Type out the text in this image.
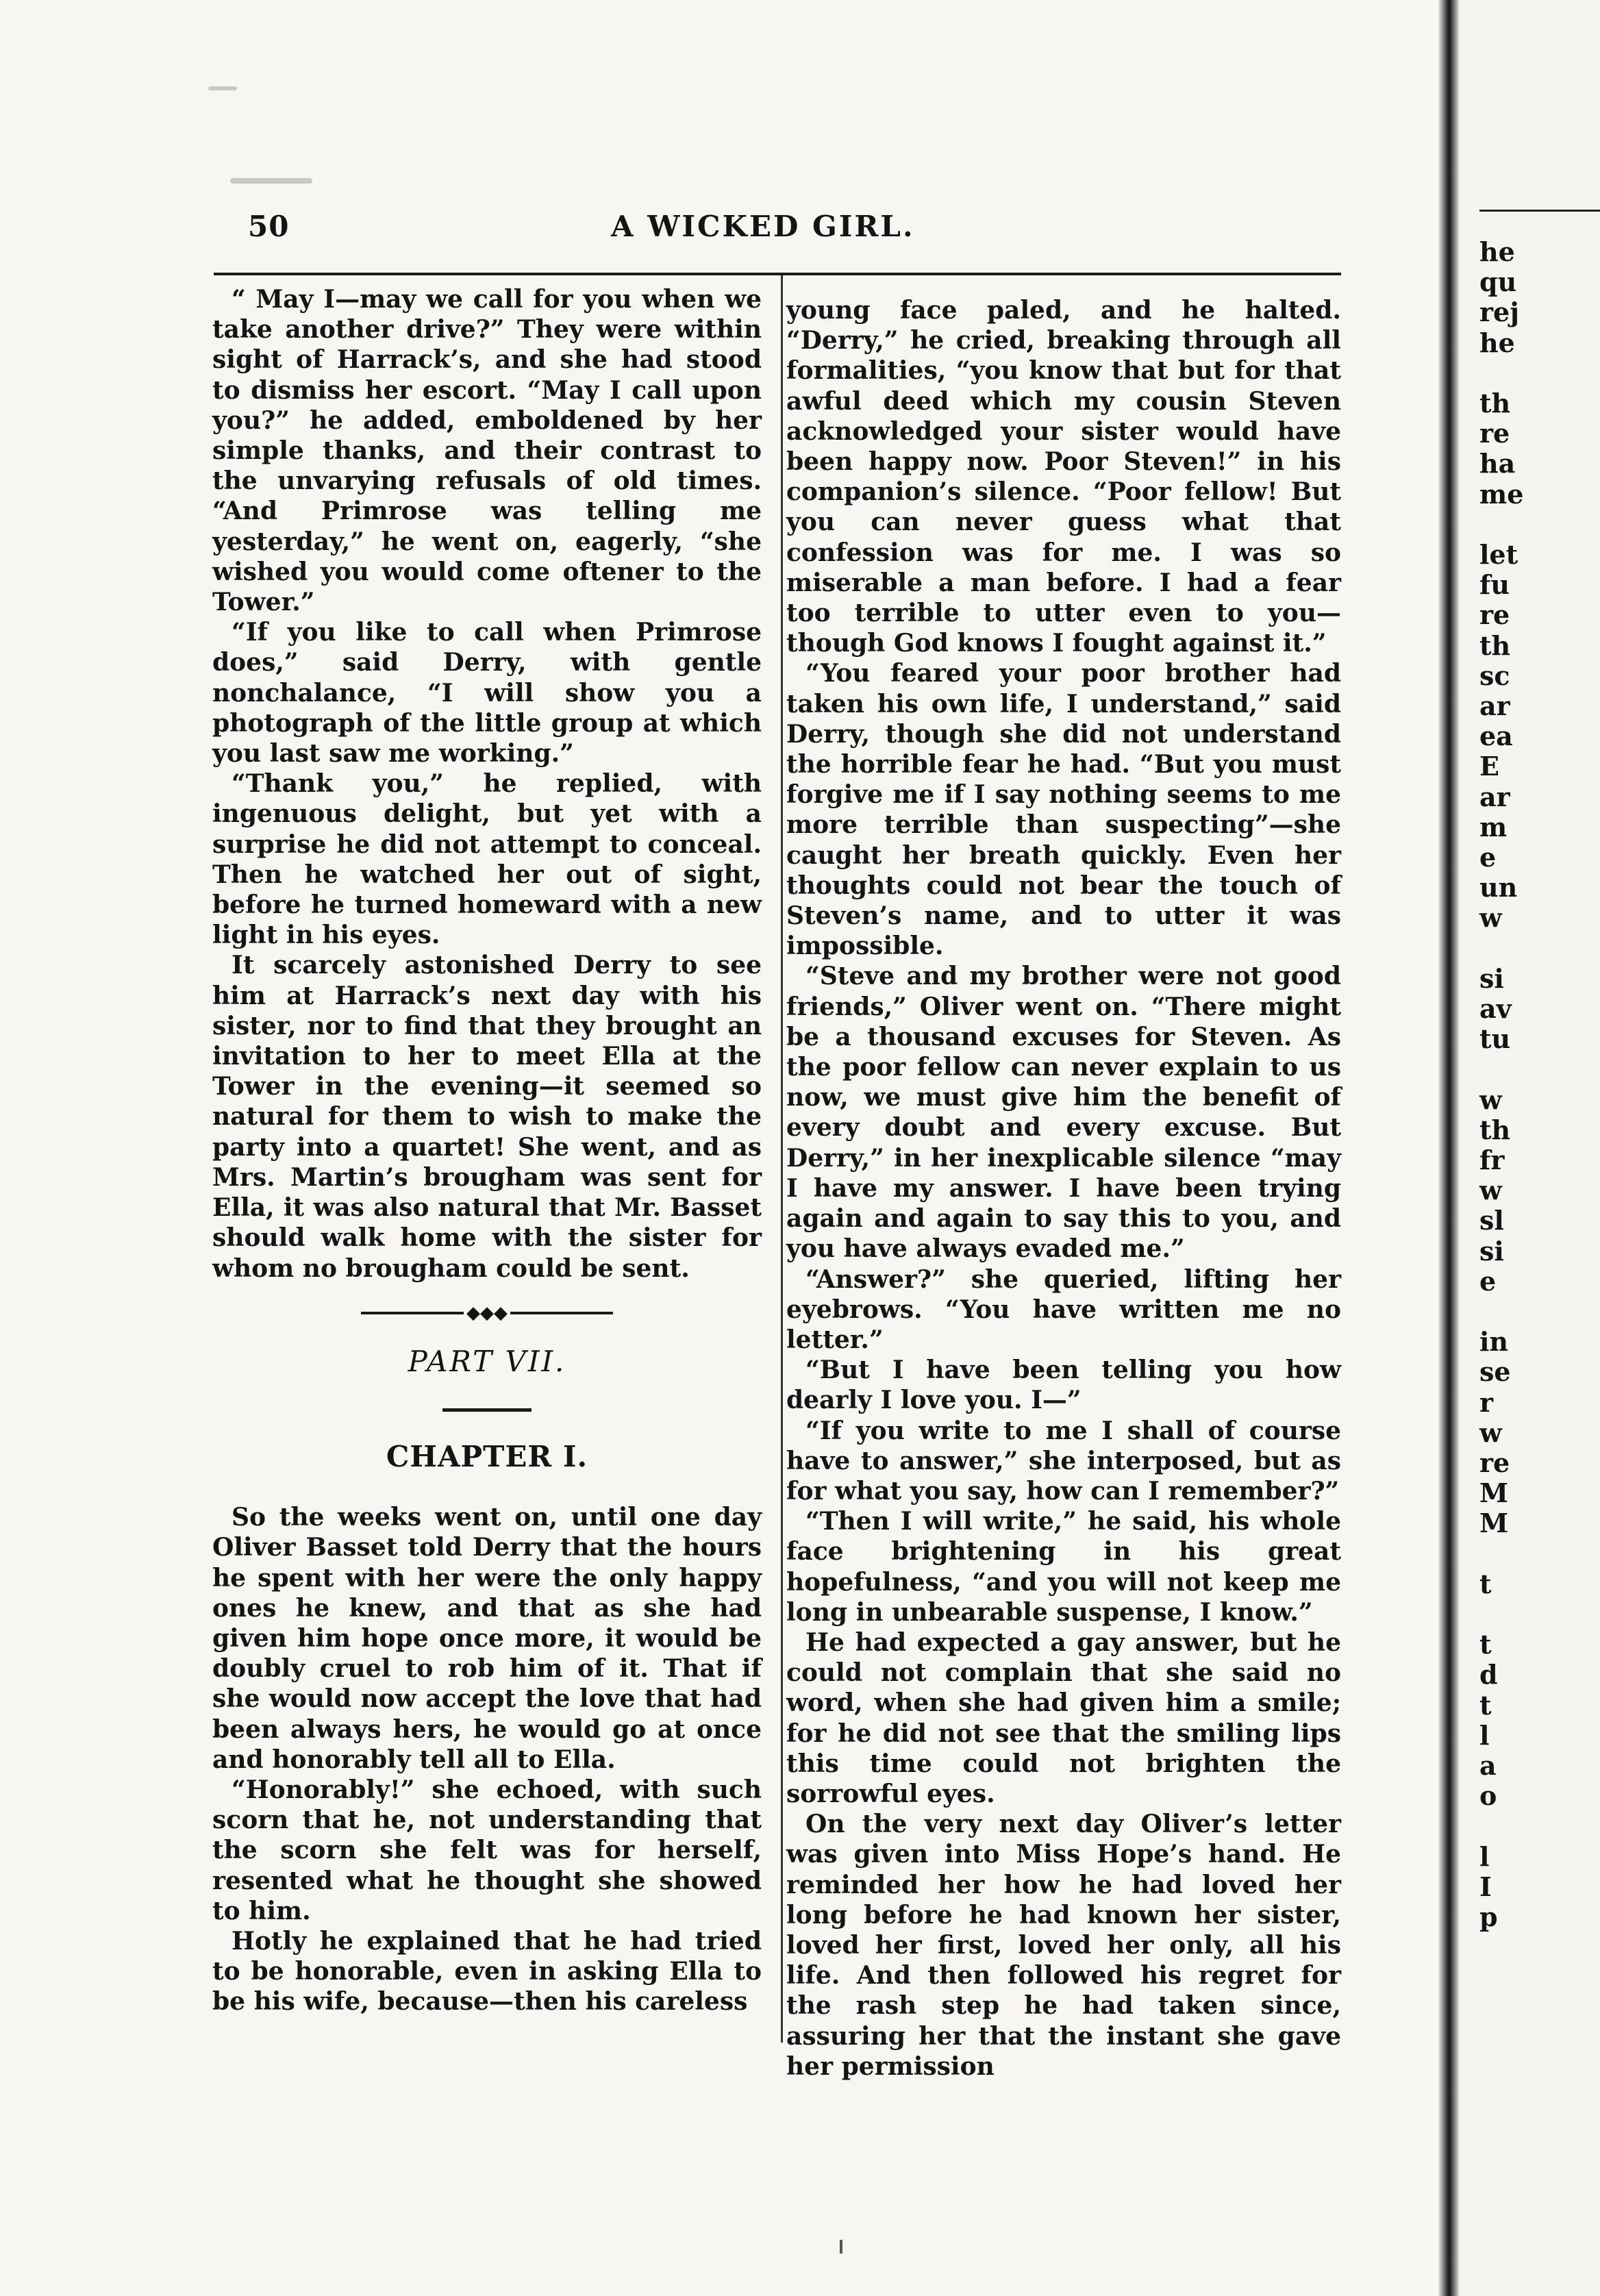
50	A WICKED GIRL.

“ May I—may we call for you when we take another drive?” They were within sight of Harrack’s, and she had stood to dismiss her escort. “May I call upon you?” he added, emboldened by her simple thanks, and their contrast to the unvarying refusals of old times. “And Primrose was telling me yesterday,” he went on, eagerly, “she wished you would come oftener to the Tower.”

“If you like to call when Primrose does,” said Derry, with gentle nonchalance, “I will show you a photograph of the little group at which you last saw me working.”

“Thank you,” he replied, with ingenuous delight, but yet with a surprise he did not attempt to conceal. Then he watched her out of sight, before he turned homeward with a new light in his eyes.

It scarcely astonished Derry to see him at Harrack’s next day with his sister, nor to find that they brought an invitation to her to meet Ella at the Tower in the evening—it seemed so natural for them to wish to make the party into a quartet! She went, and as Mrs. Martin’s brougham was sent for Ella, it was also natural that Mr. Basset should walk home with the sister for whom no brougham could be sent.

◆◆◆
PART VII.
CHAPTER I.

So the weeks went on, until one day Oliver Basset told Derry that the hours he spent with her were the only happy ones he knew, and that as she had given him hope once more, it would be doubly cruel to rob him of it. That if she would now accept the love that had been always hers, he would go at once and honorably tell all to Ella.

“Honorably!” she echoed, with such scorn that he, not understanding that the scorn she felt was for herself, resented what he thought she showed to him.

Hotly he explained that he had tried to be honorable, even in asking Ella to be his wife, because—then his careless

young face paled, and he halted. “Derry,” he cried, breaking through all formalities, “you know that but for that awful deed which my cousin Steven acknowledged your sister would have been happy now. Poor Steven!” in his companion’s silence. “Poor fellow! But you can never guess what that confession was for me. I was so miserable a man before. I had a fear too terrible to utter even to you—though God knows I fought against it.”

“You feared your poor brother had taken his own life, I understand,” said Derry, though she did not understand the horrible fear he had. “But you must forgive me if I say nothing seems to me more terrible than suspecting”—she caught her breath quickly. Even her thoughts could not bear the touch of Steven’s name, and to utter it was impossible.

“Steve and my brother were not good friends,” Oliver went on. “There might be a thousand excuses for Steven. As the poor fellow can never explain to us now, we must give him the benefit of every doubt and every excuse. But Derry,” in her inexplicable silence “may I have my answer. I have been trying again and again to say this to you, and you have always evaded me.”

“Answer?” she queried, lifting her eyebrows. “You have written me no letter.”

“But I have been telling you how dearly I love you. I—”

“If you write to me I shall of course have to answer,” she interposed, but as for what you say, how can I remember?”

“Then I will write,” he said, his whole face brightening in his great hopefulness, “and you will not keep me long in unbearable suspense, I know.”

He had expected a gay answer, but he could not complain that she said no word, when she had given him a smile; for he did not see that the smiling lips this time could not brighten the sorrowful eyes.

On the very next day Oliver’s letter was given into Miss Hope’s hand. He reminded her how he had loved her long before he had known her sister, loved her first, loved her only, all his life. And then followed his regret for the rash step he had taken since, assuring her that the instant she gave her permission

he
qu
rej
he
th
re
ha
me
let
fu
re
th
sc
ar
ea
E
ar
m
e
un
w
si
av
tu
w
th
fr
w
sl
si
e
in
se
r
w
re
M
M
t
t
d
t
l
a
o
l
I
p
